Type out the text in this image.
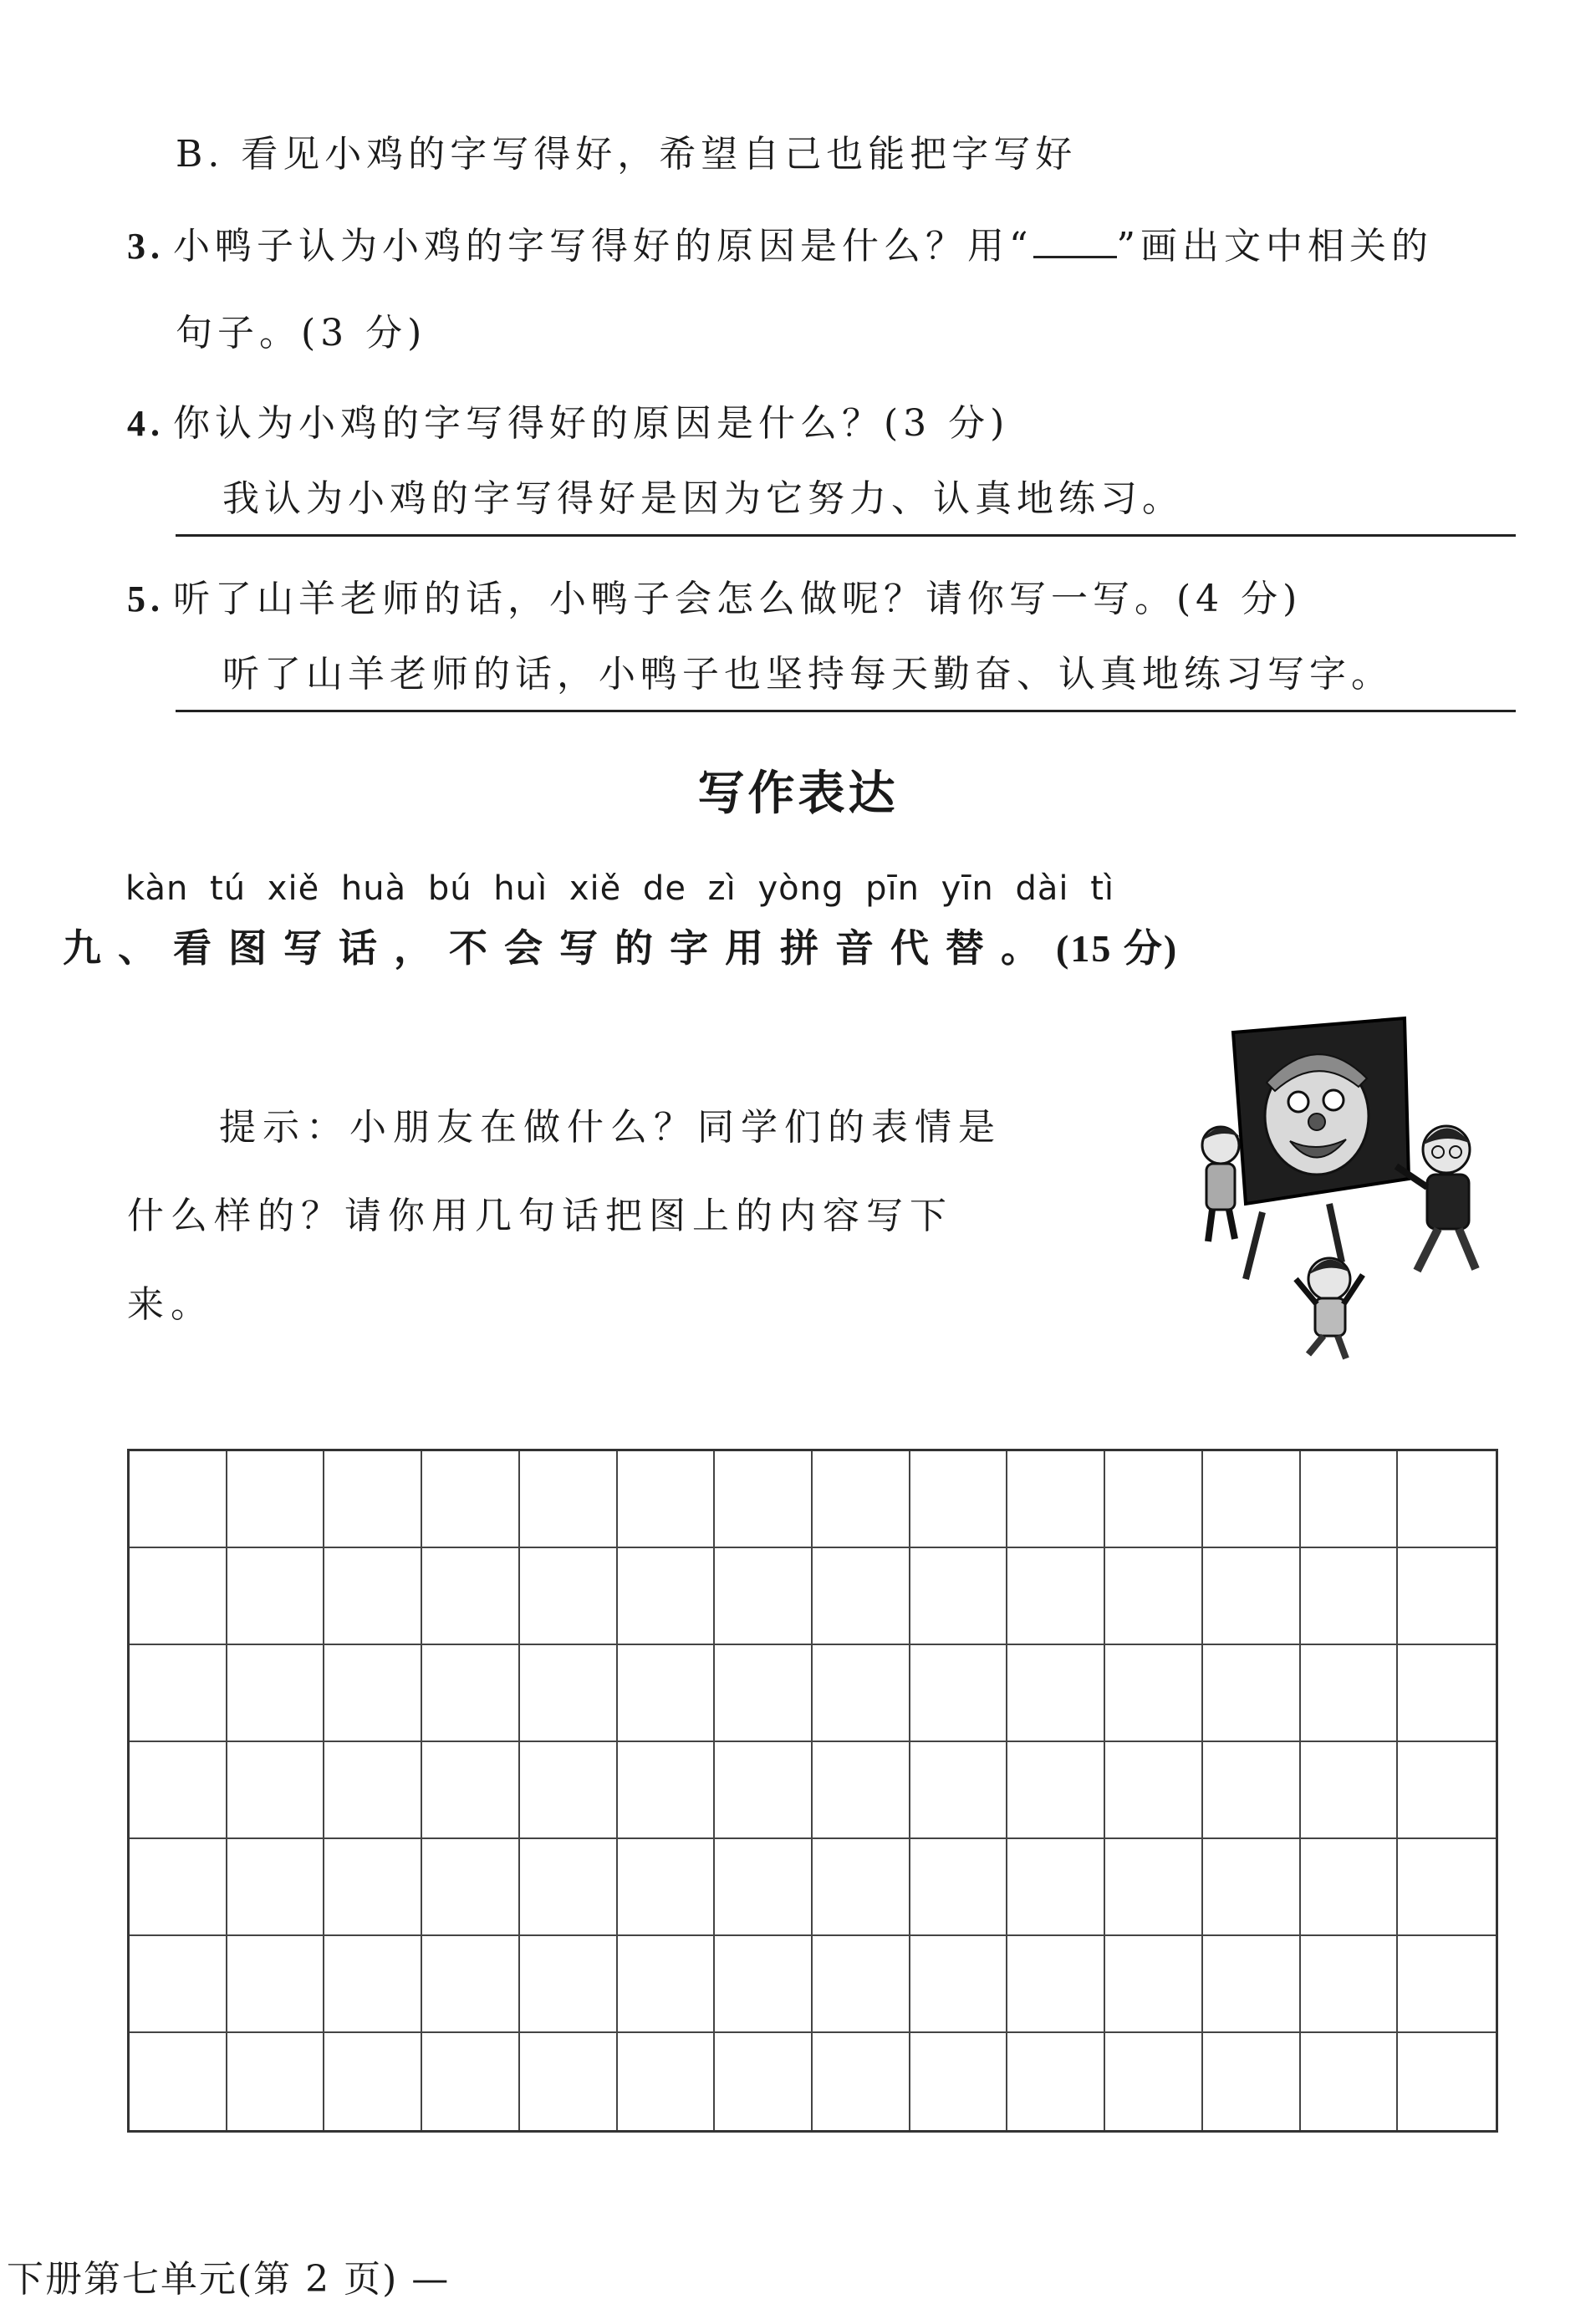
B. 看见小鸡的字写得好，希望自己也能把字写好
3. 小鸭子认为小鸡的字写得好的原因是什么？用“ ”画出文中相关的
句子。(3 分)
4. 你认为小鸡的字写得好的原因是什么？(3 分)
我认为小鸡的字写得好是因为它努力、认真地练习。
5. 听了山羊老师的话，小鸭子会怎么做呢？请你写一写。(4 分)
听了山羊老师的话，小鸭子也坚持每天勤奋、认真地练习写字。
写作表达
kàn tú xiě huà bú huì xiě de zì yòng pīn yīn dài tì
九、看图写话，不会写的字用拼音代替。(15 分)
提示：小朋友在做什么？同学们的表情是
什么样的？请你用几句话把图上的内容写下
来。
下册第七单元(第 2 页) —
